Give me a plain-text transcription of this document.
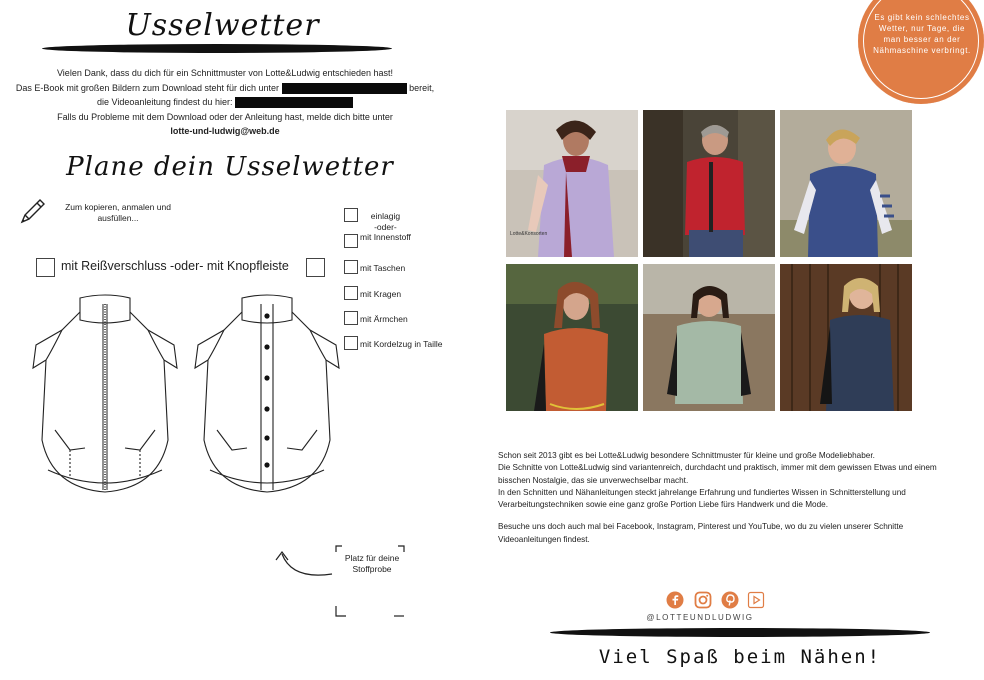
Usselwetter
Vielen Dank, dass du dich für ein Schnittmuster von Lotte&Ludwig entschieden hast!
Das E-Book mit großen Bildern zum Download steht für dich unter	bereit,
die Videoanleitung findest du hier:
Falls du Probleme mit dem Download oder der Anleitung hast, melde dich bitte unter
lotte-und-ludwig@web.de
Plane dein Usselwetter
Zum kopieren, anmalen und ausfüllen...
mit Reißverschluss -oder- mit Knopfleiste
einlagig
-oder-
mit Innenstoff
mit Taschen
mit Kragen
mit Ärmchen
mit Kordelzug in Taille
Platz für deine Stoffprobe
Es gibt kein schlechtes Wetter, nur Tage, die man besser an der Nähmaschine verbringt.
Lotte&Konsorten

Schon seit 2013 gibt es bei Lotte&Ludwig besondere Schnittmuster für kleine und große Modeliebhaber.
Die Schnitte von Lotte&Ludwig sind variantenreich, durchdacht und praktisch, immer mit dem gewissen Etwas und einem bisschen Nostalgie, das sie unverwechselbar macht.
In den Schnitten und Nähanleitungen steckt jahrelange Erfahrung und fundiertes Wissen in Schnitterstellung und Verarbeitungstechniken sowie eine ganz große Portion Liebe fürs Handwerk und die Mode.

Besuche uns doch auch mal bei Facebook, Instagram, Pinterest und YouTube, wo du zu vielen unserer Schnitte Videoanleitungen findest.

@LOTTEUNDLUDWIG
Viel Spaß beim Nähen!
